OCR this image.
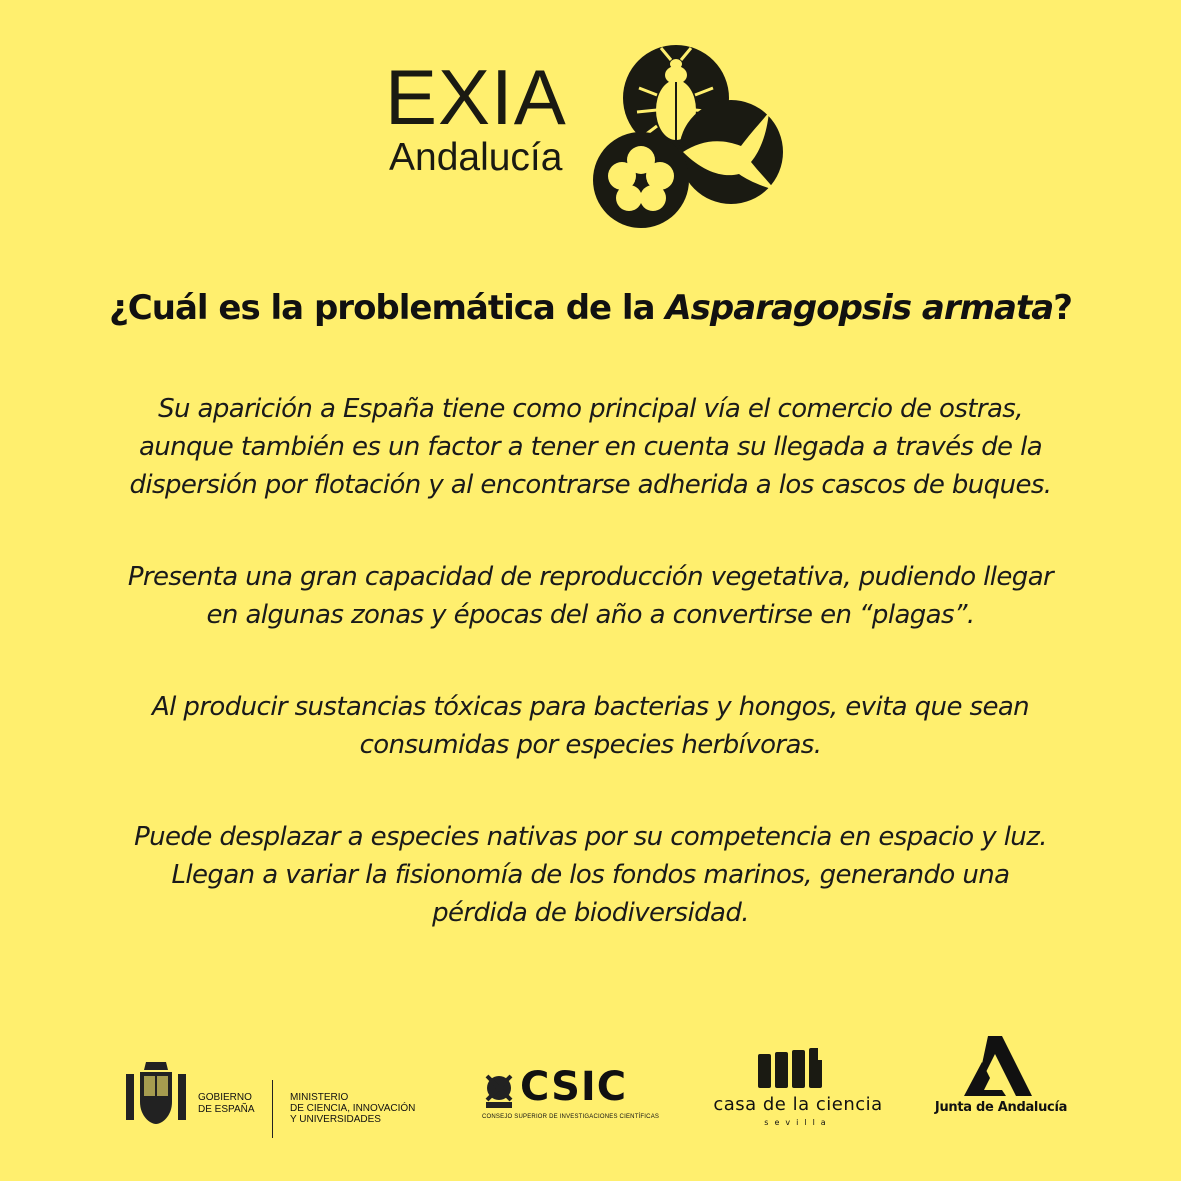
EXIA
Andalucía
¿Cuál es la problemática de la Asparagopsis armata?

Su aparición a España tiene como principal vía el comercio de ostras,
aunque también es un factor a tener en cuenta su llegada a través de la
dispersión por flotación y al encontrarse adherida a los cascos de buques.

Presenta una gran capacidad de reproducción vegetativa, pudiendo llegar
en algunas zonas y épocas del año a convertirse en “plagas”.

Al producir sustancias tóxicas para bacterias y hongos, evita que sean
consumidas por especies herbívoras.

Puede desplazar a especies nativas por su competencia en espacio y luz.
Llegan a variar la fisionomía de los fondos marinos, generando una
pérdida de biodiversidad.

GOBIERNO
DE ESPAÑA
MINISTERIO
DE CIENCIA, INNOVACIÓN
Y UNIVERSIDADES
CSIC
CONSEJO SUPERIOR DE INVESTIGACIONES CIENTÍFICAS
casa de la ciencia
sevilla
Junta de Andalucía
